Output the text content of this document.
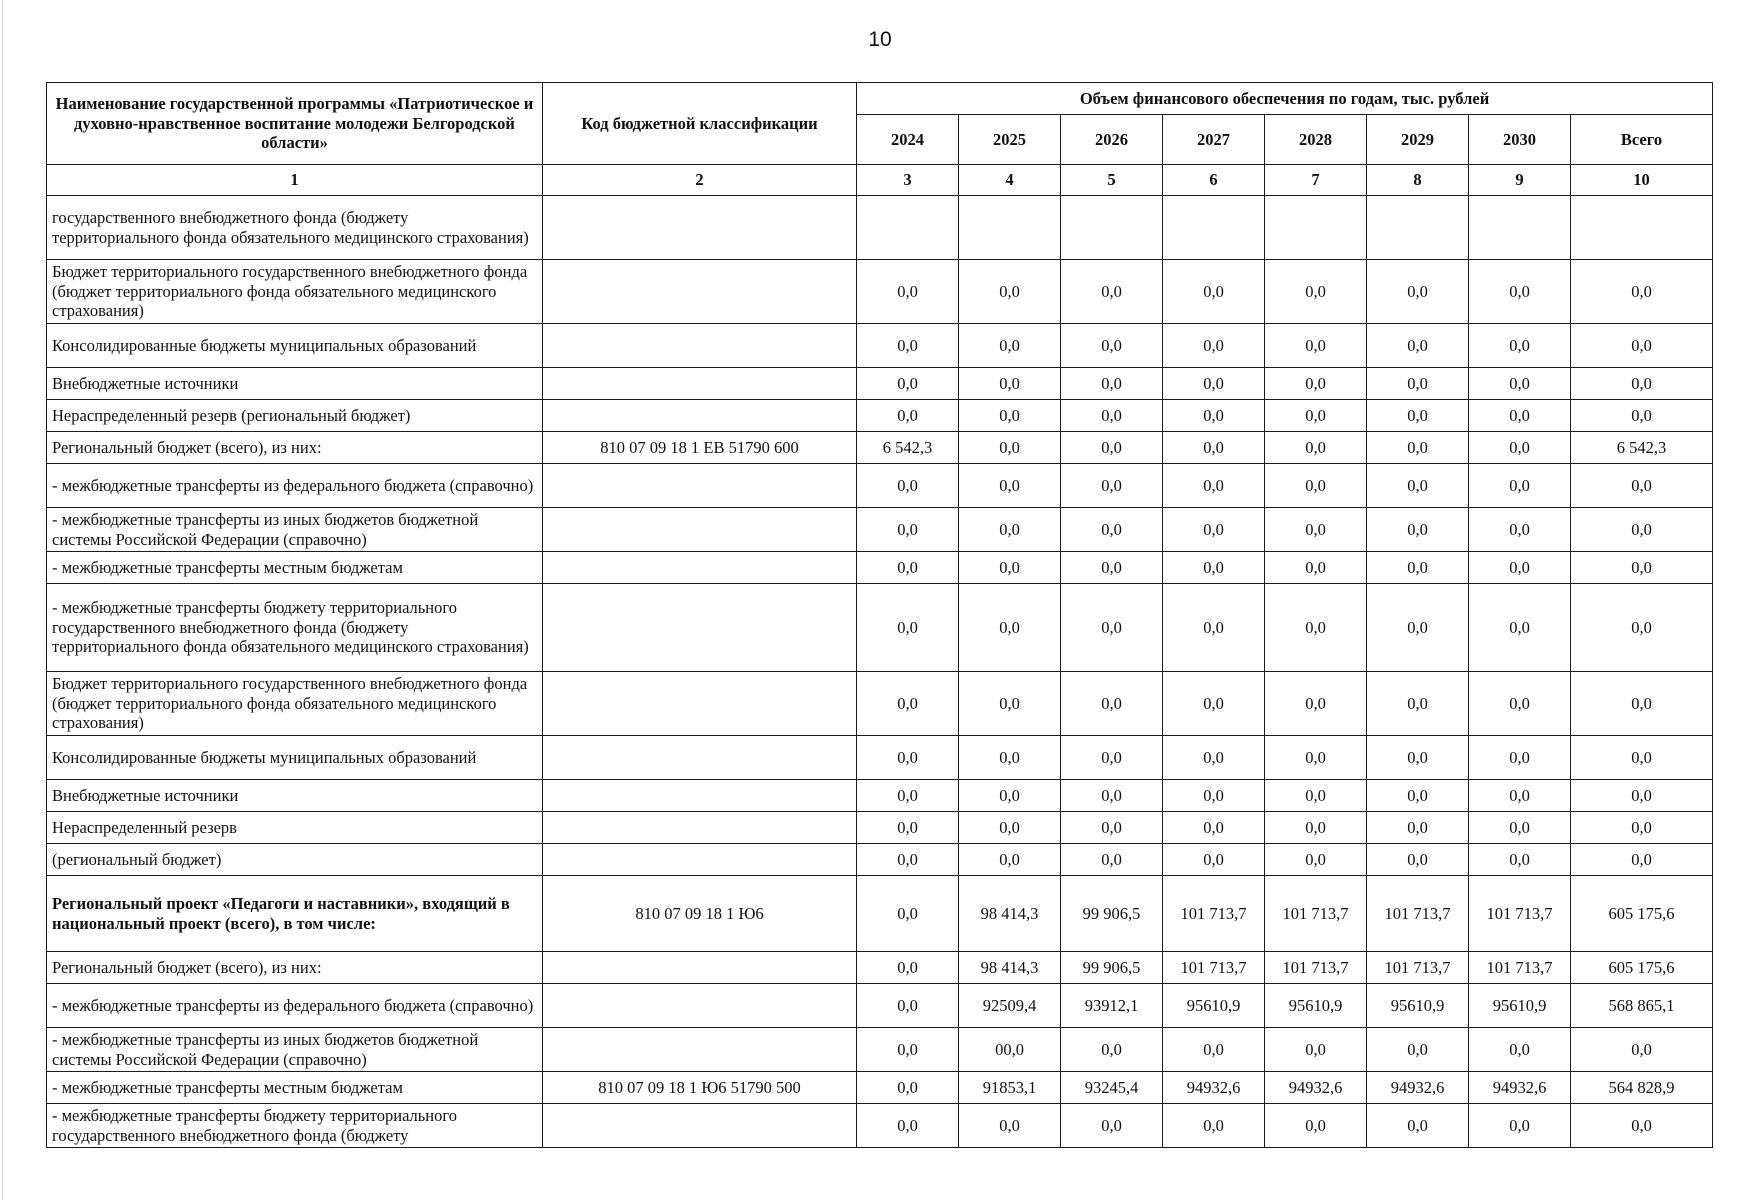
10
Наименование государственной программы «Патриотическое и духовно-нравственное воспитание молодежи Белгородской области»	Код бюджетной классификации	Объем финансового обеспечения по годам, тыс. рублей							
		2024	2025	2026	2027	2028	2029	2030	Всего
1	2	3	4	5	6	7	8	9	10
государственного внебюджетного фонда (бюджету территориального фонда обязательного медицинского страхования)									
Бюджет территориального государственного внебюджетного фонда (бюджет территориального фонда обязательного медицинского страхования)		0,0	0,0	0,0	0,0	0,0	0,0	0,0	0,0
Консолидированные бюджеты муниципальных образований		0,0	0,0	0,0	0,0	0,0	0,0	0,0	0,0
Внебюджетные источники		0,0	0,0	0,0	0,0	0,0	0,0	0,0	0,0
Нераспределенный резерв (региональный бюджет)		0,0	0,0	0,0	0,0	0,0	0,0	0,0	0,0
Региональный бюджет (всего), из них:	810 07 09 18 1 EB 51790 600	6 542,3	0,0	0,0	0,0	0,0	0,0	0,0	6 542,3
- межбюджетные трансферты из федерального бюджета (справочно)		0,0	0,0	0,0	0,0	0,0	0,0	0,0	0,0
- межбюджетные трансферты из иных бюджетов бюджетной системы Российской Федерации (справочно)		0,0	0,0	0,0	0,0	0,0	0,0	0,0	0,0
- межбюджетные трансферты местным бюджетам		0,0	0,0	0,0	0,0	0,0	0,0	0,0	0,0
- межбюджетные трансферты бюджету территориального государственного внебюджетного фонда (бюджету территориального фонда обязательного медицинского страхования)		0,0	0,0	0,0	0,0	0,0	0,0	0,0	0,0
Бюджет территориального государственного внебюджетного фонда (бюджет территориального фонда обязательного медицинского страхования)		0,0	0,0	0,0	0,0	0,0	0,0	0,0	0,0
Консолидированные бюджеты муниципальных образований		0,0	0,0	0,0	0,0	0,0	0,0	0,0	0,0
Внебюджетные источники		0,0	0,0	0,0	0,0	0,0	0,0	0,0	0,0
Нераспределенный резерв		0,0	0,0	0,0	0,0	0,0	0,0	0,0	0,0
(региональный бюджет)		0,0	0,0	0,0	0,0	0,0	0,0	0,0	0,0
Региональный проект «Педагоги и наставники», входящий в национальный проект (всего), в том числе:	810 07 09 18 1 Ю6	0,0	98 414,3	99 906,5	101 713,7	101 713,7	101 713,7	101 713,7	605 175,6
Региональный бюджет (всего), из них:		0,0	98 414,3	99 906,5	101 713,7	101 713,7	101 713,7	101 713,7	605 175,6
- межбюджетные трансферты из федерального бюджета (справочно)		0,0	92509,4	93912,1	95610,9	95610,9	95610,9	95610,9	568 865,1
- межбюджетные трансферты из иных бюджетов бюджетной системы Российской Федерации (справочно)		0,0	00,0	0,0	0,0	0,0	0,0	0,0	0,0
- межбюджетные трансферты местным бюджетам	810 07 09 18 1 Ю6 51790 500	0,0	91853,1	93245,4	94932,6	94932,6	94932,6	94932,6	564 828,9
- межбюджетные трансферты бюджету территориального государственного внебюджетного фонда (бюджету		0,0	0,0	0,0	0,0	0,0	0,0	0,0	0,0
